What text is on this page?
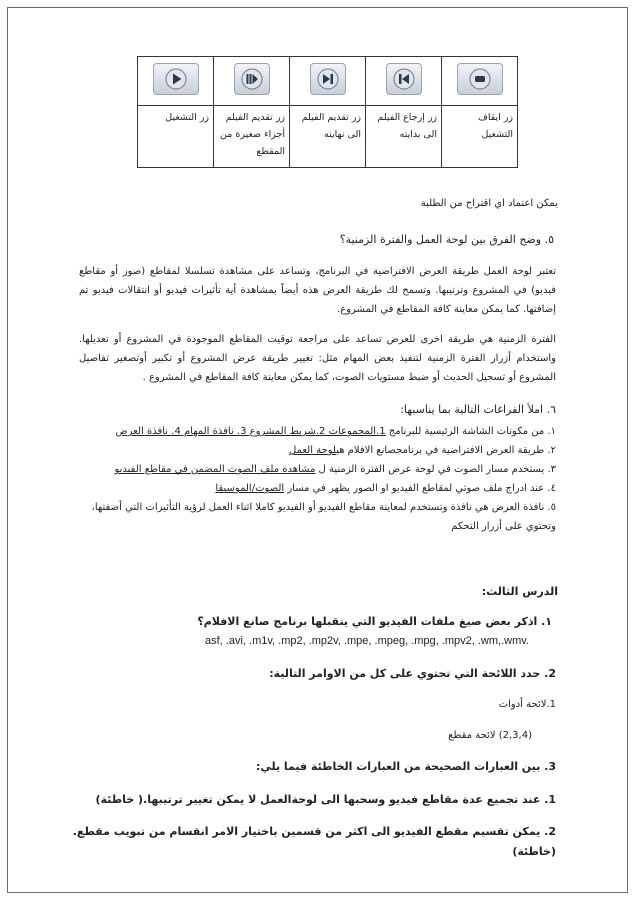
زر ايقاف التشغيل	زر إرجاع الفيلم الى بدايته	زر تقديم الفيلم الى نهايته	زر تقديم الفيلم أجزاء صغيرة من المقطع	زر التشغيل
يمكن اعتماد اي اقتراح من الطلبة
٥. وضح الفرق بين لوحة العمل والفترة الزمنية؟
تعتبر لوحة العمل طريقة العرض الافتراضية في البرنامج، وتساعد على مشاهدة تسلسلا لمقاطع (صور أو مقاطع فيديو) في المشروع وترتيبها. وتسمح لك طريقة العرض هذه أيضاً بمشاهدة أية تأثيرات فيديو أو انتقالات فيديو تم إضافتها. كما يمكن معاينة كافة المقاطع في المشروع.
الفترة الزمنية هي طريقة اخرى للعرض تساعد على مراجعة توقيت المقاطع الموجودة في المشروع أو تعديلها. واستخدام أزرار الفترة الزمنية لتنفيذ بعض المهام مثل: تغيير طريقة عرض المشروع أو تكبير أوتصغير تفاصيل المشروع أو تسجيل الحديث أو ضبط مستويات الصوت، كما يمكن معاينة كافة المقاطع في المشروع .
٦. املأ الفراغات التالية بما يناسبها:
١. من مكونات الشاشة الرئيسية للبرنامج 1.المجموعات 2.شريط المشروع 3. نافذة المهام 4. نافذة العرض
٢. طريقة العرض الافتراضية في برنامجصانع الافلام هيلوحة العمل
٣. يستخدم مسار الصوت في لوحة عرض الفترة الزمنية ل مشاهدة ملف الصوت المضمن في مقاطع الفيديو
٤. عند ادراج ملف صوتي لمقاطع الفيديو او الصور يظهر في مسار الصوت/الموسيقا
٥. نافذة العرض هي نافذة وتستخدم لمعاينة مقاطع الفيديو أو الفيديو كاملا اثناء العمل لرؤية التأثيرات التي أضفتها، وتحتوي على أزرار التحكم
الدرس الثالث:
١. اذكر بعض صيغ ملفات الفيديو التي يتقبلها برنامج صانع الافلام؟
asf, .avi, .m1v, .mp2, .mp2v, .mpe, .mpeg, .mpg, .mpv2, .wm,.wmv.
2. حدد اللائحة التي تحتوي على كل من الاوامر التالية:
1.لائحة أدوات
(2,3,4) لائحة مقطع
3. بين العبارات الصحيحة من العبارات الخاطئة فيما يلي:
1. عند تجميع عدة مقاطع فيديو وسحبها الى لوحةالعمل لا يمكن تغيير ترتيبها.( خاطئة)
2. يمكن تقسيم مقطع الفيديو الى اكثر من قسمين باختيار الامر انقسام من تبويب مقطع.(خاطئة)
